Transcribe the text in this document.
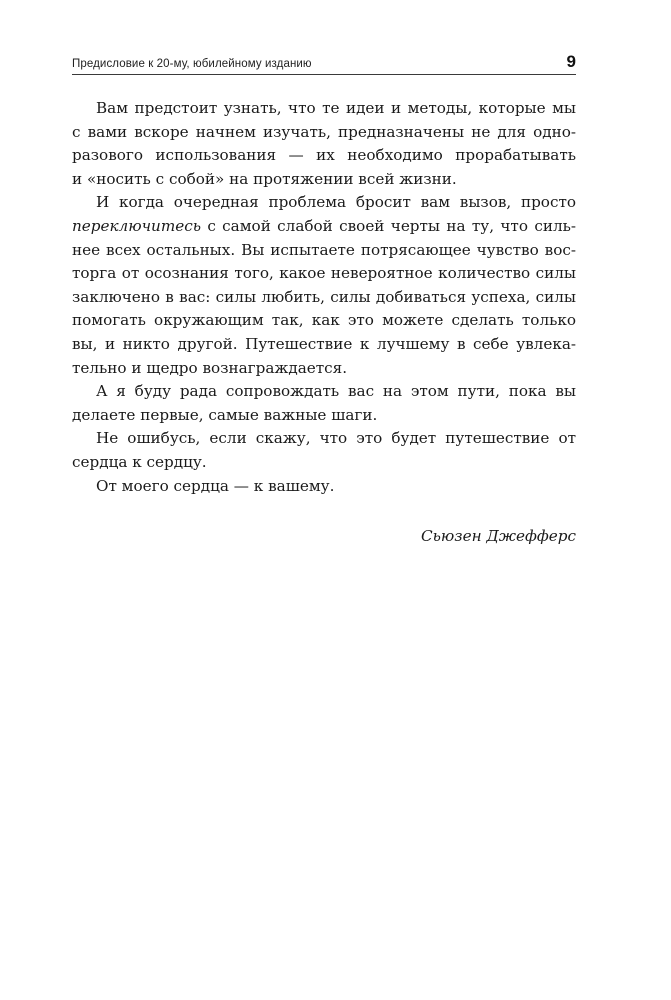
Предисловие к 20-му, юбилейному изданию	9
Вам предстоит узнать, что те идеи и методы, которые мы
с вами вскоре начнем изучать, предназначены не для одно-
разового использования — их необходимо прорабатывать
и «носить с собой» на протяжении всей жизни.
И когда очередная проблема бросит вам вызов, просто
переключитесь с самой слабой своей черты на ту, что силь-
нее всех остальных. Вы испытаете потрясающее чувство вос-
торга от осознания того, какое невероятное количество силы
заключено в вас: силы любить, силы добиваться успеха, силы
помогать окружающим так, как это можете сделать только
вы, и никто другой. Путешествие к лучшему в себе увлека-
тельно и щедро вознаграждается.
А я буду рада сопровождать вас на этом пути, пока вы
делаете первые, самые важные шаги.
Не ошибусь, если скажу, что это будет путешествие от
сердца к сердцу.
От моего сердца — к вашему.
Сьюзен Джефферс
